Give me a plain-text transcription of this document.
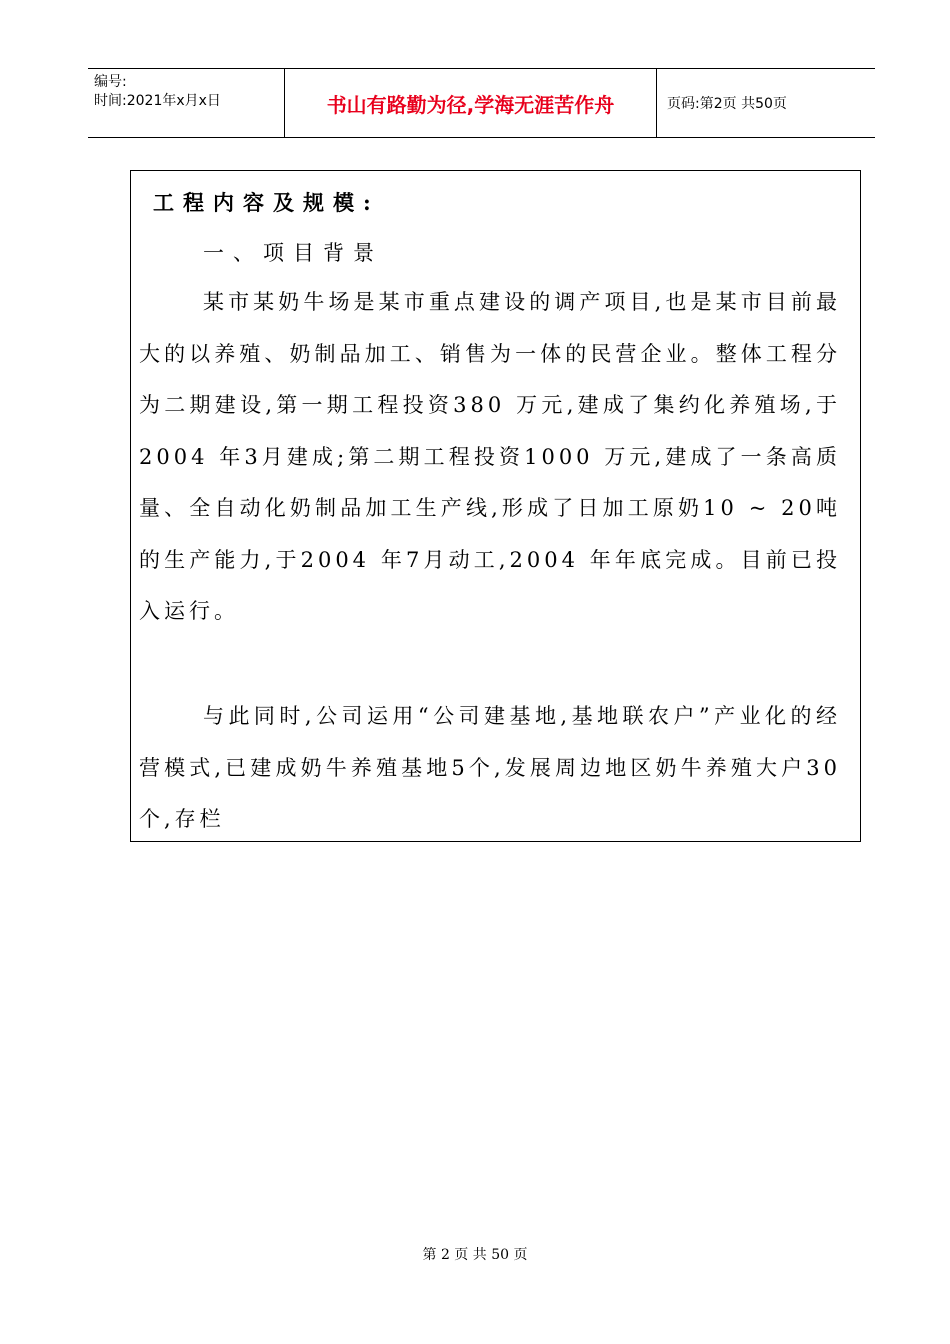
编号:
时间:2021年x月x日	书山有路勤为径,学海无涯苦作舟	页码:第2页 共50页
工程内容及规模:
一、项目背景

某市某奶牛场是某市重点建设的调产项目,也是某市目前最大的以养殖、奶制品加工、销售为一体的民营企业。整体工程分为二期建设,第一期工程投资380 万元,建成了集约化养殖场,于2004 年3月建成;第二期工程投资1000 万元,建成了一条高质量、全自动化奶制品加工生产线,形成了日加工原奶10 ~ 20吨的生产能力,于2004 年7月动工,2004 年年底完成。目前已投入运行。

与此同时,公司运用“公司建基地,基地联农户”产业化的经营模式,已建成奶牛养殖基地5个,发展周边地区奶牛养殖大户30个,存栏

第 2 页 共 50 页
